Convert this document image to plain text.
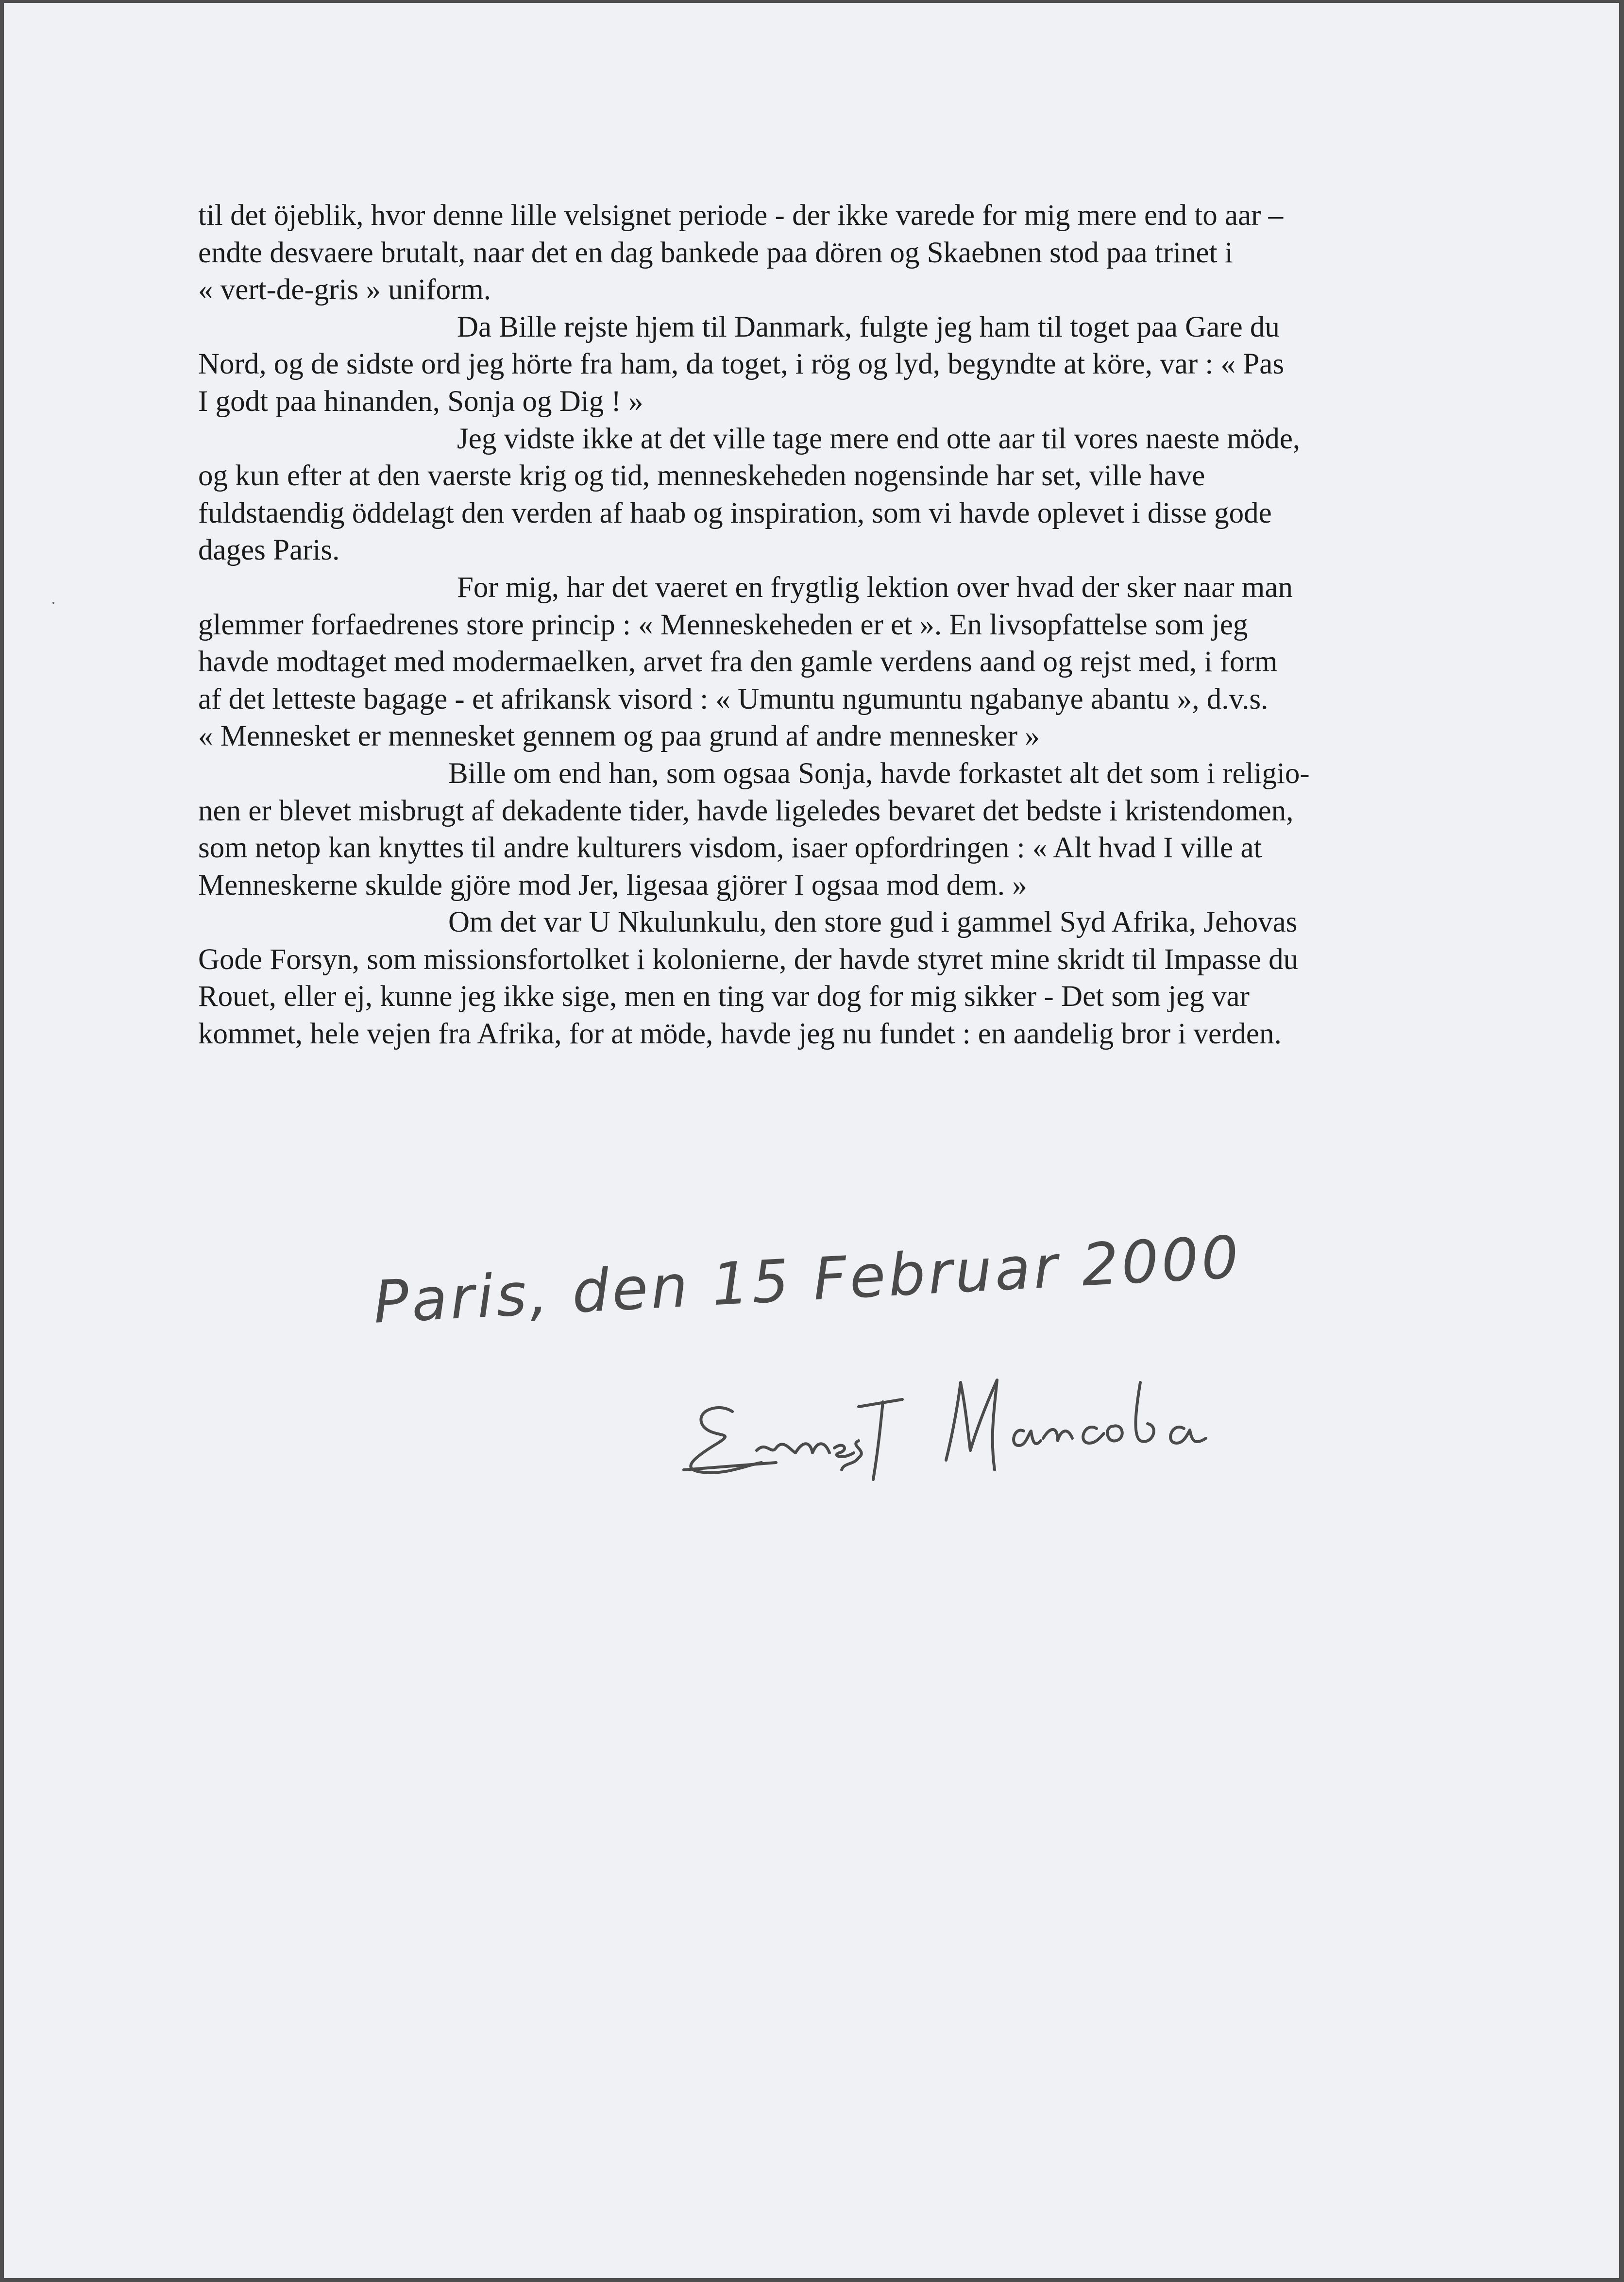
til det öjeblik, hvor denne lille velsignet periode - der ikke varede for mig mere end to aar –
endte desvaere brutalt, naar det en dag bankede paa dören og Skaebnen stod paa trinet i
« vert-de-gris » uniform.
Da Bille rejste hjem til Danmark, fulgte jeg ham til toget paa Gare du
Nord, og de sidste ord jeg hörte fra ham, da toget, i rög og lyd, begyndte at köre, var : « Pas
I godt paa hinanden, Sonja og Dig ! »
Jeg vidste ikke at det ville tage mere end otte aar til vores naeste möde,
og kun efter at den vaerste krig og tid, menneskeheden nogensinde har set, ville have
fuldstaendig öddelagt den verden af haab og inspiration, som vi havde oplevet i disse gode
dages Paris.
For mig, har det vaeret en frygtlig lektion over hvad der sker naar man
glemmer forfaedrenes store princip : « Menneskeheden er et ». En livsopfattelse som jeg
havde modtaget med modermaelken, arvet fra den gamle verdens aand og rejst med, i form
af det letteste bagage - et afrikansk visord : « Umuntu ngumuntu ngabanye abantu », d.v.s.
« Mennesket er mennesket gennem og paa grund af andre mennesker »
Bille om end han, som ogsaa Sonja, havde forkastet alt det som i religio-
nen er blevet misbrugt af dekadente tider, havde ligeledes bevaret det bedste i kristendomen,
som netop kan knyttes til andre kulturers visdom, isaer opfordringen : « Alt hvad I ville at
Menneskerne skulde gjöre mod Jer, ligesaa gjörer I ogsaa mod dem. »
Om det var U Nkulunkulu, den store gud i gammel Syd Afrika, Jehovas
Gode Forsyn, som missionsfortolket i kolonierne, der havde styret mine skridt til Impasse du
Rouet, eller ej, kunne jeg ikke sige, men en ting var dog for mig sikker - Det som jeg var
kommet, hele vejen fra Afrika, for at möde, havde jeg nu fundet : en aandelig bror i verden.
Paris, den 15 Februar 2000
Ernest Mancoba
